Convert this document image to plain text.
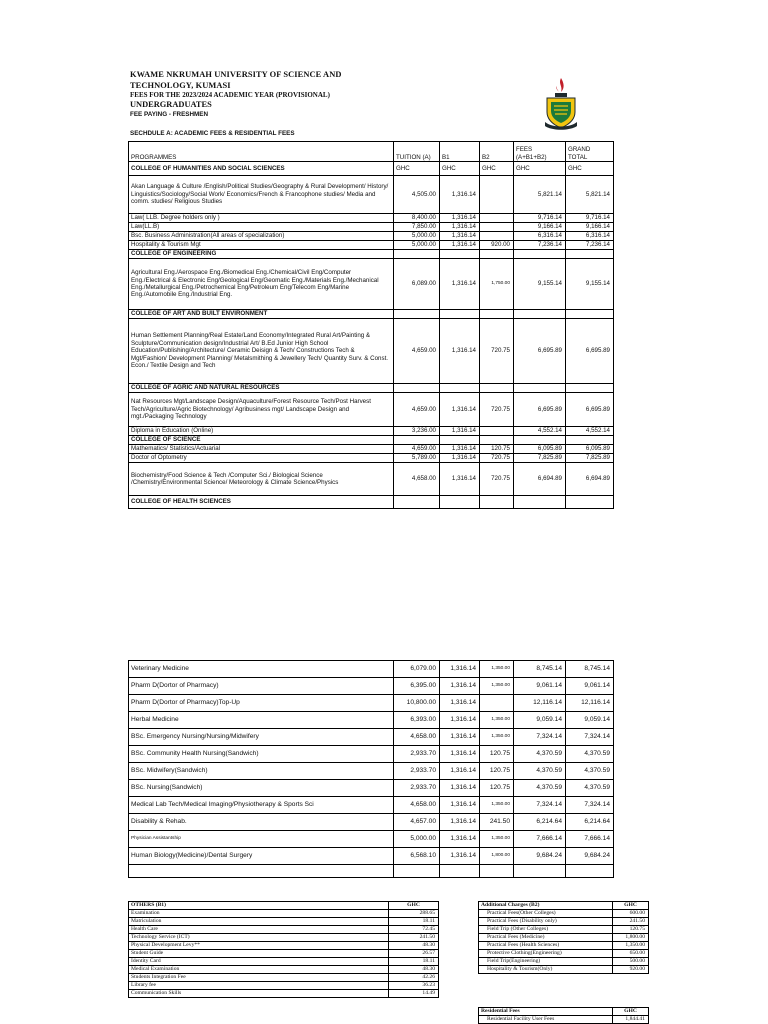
KWAME NKRUMAH UNIVERSITY OF SCIENCE AND TECHNOLOGY, KUMASI
FEES FOR THE 2023/2024 ACADEMIC YEAR (PROVISIONAL)
UNDERGRADUATES
FEE PAYING - FRESHMEN
SECHDULE A: ACADEMIC FEES & RESIDENTIAL FEES
PROGRAMMES	TUITION (A)	B1	B2	FEES (A+B1+B2)	GRAND TOTAL
COLLEGE OF HUMANITIES AND SOCIAL SCIENCES	GHC	GHC	GHC	GHC	GHC
Akan Language & Culture /English/Political Studies/Geography & Rural Development/ History/ Linguistics/Sociology/Social Work/ Economics/French & Francophone studies/ Media and comm. studies/ Religious Studies	4,505.00	1,316.14		5,821.14	5,821.14
Law( LLB. Degree holders only )	8,400.00	1,316.14		9,716.14	9,716.14
Law(LL.B)	7,850.00	1,316.14		9,166.14	9,166.14
Bsc. Business Administration(All areas of specialization)	5,000.00	1,316.14		6,316.14	6,316.14
Hospitality & Tourism Mgt	5,000.00	1,316.14	920.00	7,236.14	7,236.14
COLLEGE OF ENGINEERING					
Agricultural Eng./Aerospace Eng./Biomedical Eng./Chemical/Civil Eng/Computer Eng./Electrical & Electronic Eng/Geological Eng/Geomatic Eng./Materials Eng./Mechanical Eng./Metallurgical Eng./Petrochemical Eng/Petroleum Eng/Telecom Eng/Marine Eng./Automobile Eng./Industrial Eng.	6,089.00	1,316.14	1,750.00	9,155.14	9,155.14
COLLEGE OF ART AND BUILT ENVIRONMENT					
Human Settlement Planning/Real Estate/Land Economy/Integrated Rural Art/Painting & Sculpture/Communication design/Industrial Art/ B.Ed Junior High School Education/Publishing/Architecture/ Ceramic Deisign & Tech/ Constructions Tech & Mgt/Fashion/ Development Planning/ Metalsmithing & Jewellery Tech/ Quantity Surv. & Const. Econ./ Textile Design and Tech	4,659.00	1,316.14	720.75	6,695.89	6,695.89
COLLEGE OF AGRIC AND NATURAL RESOURCES					
Nat Resources Mgt/Landscape Design/Aquaculture/Forest Resource Tech/Post Harvest Tech/Agriculture/Agric Biotechnology/ Agribusiness mgt/ Landscape Design and mgt./Packaging Technology	4,659.00	1,316.14	720.75	6,695.89	6,695.89
Diploma in Education (Online)	3,236.00	1,316.14		4,552.14	4,552.14
COLLEGE OF SCIENCE					
Mathematics/ Statistics/Actuarial	4,659.00	1,316.14	120.75	6,095.89	6,095.89
Doctor of Optometry	5,789.00	1,316.14	720.75	7,825.89	7,825.89
Biochemistry/Food Science & Tech /Computer Sci./ Biological Science /Chemistry/Environmental Science/ Meteorology & Climate Science/Physics	4,658.00	1,316.14	720.75	6,694.89	6,694.89
COLLEGE OF HEALTH SCIENCES					
Veterinary Medicine	6,079.00	1,316.14	1,350.00	8,745.14	8,745.14
Pharm D(Dortor of Pharmacy)	6,395.00	1,316.14	1,350.00	9,061.14	9,061.14
Pharm D(Dortor of Pharmacy)Top-Up	10,800.00	1,316.14		12,116.14	12,116.14
Herbal Medicine	6,393.00	1,316.14	1,350.00	9,059.14	9,059.14
BSc. Emergency Nursing/Nursing/Midwifery	4,658.00	1,316.14	1,350.00	7,324.14	7,324.14
BSc. Community Health Nursing(Sandwich)	2,933.70	1,316.14	120.75	4,370.59	4,370.59
BSc. Midwifery(Sandwich)	2,933.70	1,316.14	120.75	4,370.59	4,370.59
BSc. Nursing(Sandwich)	2,933.70	1,316.14	120.75	4,370.59	4,370.59
Medical Lab Tech/Medical Imaging/Physiotherapy & Sports Sci	4,658.00	1,316.14	1,350.00	7,324.14	7,324.14
Disability & Rehab.	4,657.00	1,316.14	241.50	6,214.64	6,214.64
Physician Assistantship	5,000.00	1,316.14	1,350.00	7,666.14	7,666.14
Human Biology(Medicine)/Dental Surgery	6,568.10	1,316.14	1,800.00	9,684.24	9,684.24

OTHERS (B1)	GHC
Examination	288.65
Matriculation	18.11
Health Care	72.45
Technology Service (ICT)	241.50
Physical Development Levy**	48.30
Student Guide	26.57
Identity Card	18.11
Medical Examination	48.30
Students Integration Fee	42.26
Library fee	36.23
Communication Skills	14.49
Additional Charges (B2)	GHC
Practical Fees(Other Colleges)	600.00
Practical Fees (Disability only)	241.50
Field Trip (Other Colleges)	120.75
Practical Fees (Medicine)	1,800.00
Practical Fees (Health Sciences)	1,350.00
Protective Clothing(Engineering)	650.00
Field Trip(Engineering)	500.00
Hospitality & Tourism(Only)	920.00
Residential Fees	GHC
Residential Facility User Fees	1,844.41
